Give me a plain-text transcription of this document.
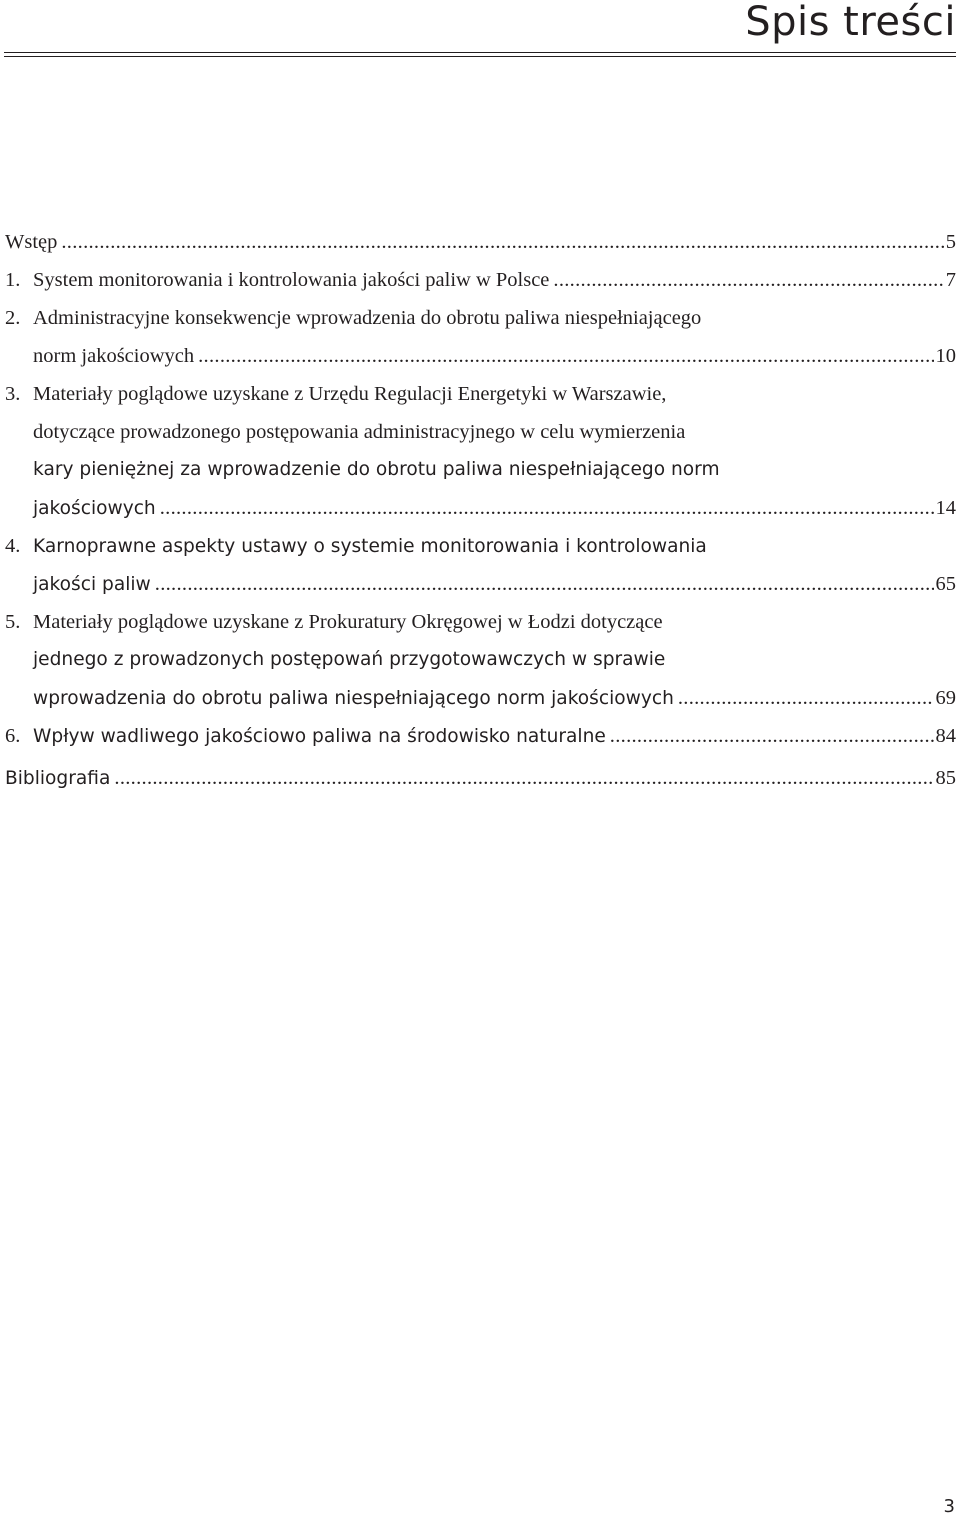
Spis treści
Wstęp .....	5
1. System monitorowania i kontrolowania jakości paliw w Polsce .....	7
2. Administracyjne konsekwencje wprowadzenia do obrotu paliwa niespełniającego
norm jakościowych .....	10
3. Materiały poglądowe uzyskane z Urzędu Regulacji Energetyki w Warszawie,
dotyczące prowadzonego postępowania administracyjnego w celu wymierzenia
kary pieniężnej za wprowadzenie do obrotu paliwa niespełniającego norm
jakościowych .....	14
4. Karnoprawne aspekty ustawy o systemie monitorowania i kontrolowania
jakości paliw .....	65
5. Materiały poglądowe uzyskane z Prokuratury Okręgowej w Łodzi dotyczące
jednego z prowadzonych postępowań przygotowawczych w sprawie
wprowadzenia do obrotu paliwa niespełniającego norm jakościowych .....	69
6. Wpływ wadliwego jakościowo paliwa na środowisko naturalne .....	84
Bibliografia .....	85
3
